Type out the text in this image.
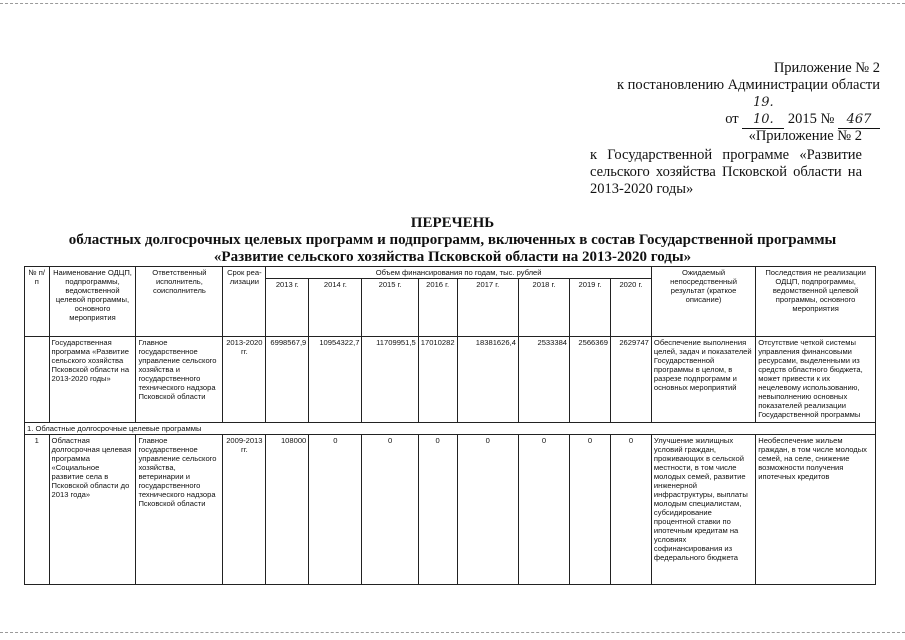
Приложение № 2
к постановлению Администрации области
от 19. 10. 2015 № 467
«Приложение № 2
к Государственной программе «Развитие сельского хозяйства Псковской области на 2013-2020 годы»
ПЕРЕЧЕНЬ
областных долгосрочных целевых программ и подпрограмм, включенных в состав Государственной программы
«Развитие сельского хозяйства Псковской области на 2013-2020 годы»
№ п/п	Наименование ОДЦП, подпрограммы, ведомственной целевой программы, основного мероприятия	Ответственный исполнитель, соисполнитель	Срок реа-лизации	Объем финансирования по годам, тыс. рублей								Ожидаемый непосредственный результат (краткое описание)	Последствия не реализации ОДЦП, подпрограммы, ведомственной целевой программы, основного мероприятия
				2013 г.	2014 г.	2015 г.	2016 г.	2017 г.	2018 г.	2019 г.	2020 г.		
	Государственная программа «Развитие сельского хозяйства Псковской области на 2013-2020 годы»	Главное государственное управление сельского хозяйства и государственного технического надзора Псковской области	2013-2020 гг.	6998567,9	10954322,7	11709951,5	17010282	18381626,4	2533384	2566369	2629747	Обеспечение выполнения целей, задач и показателей Государственной программы в целом, в разрезе подпрограмм и основных мероприятий	Отсутствие четкой системы управления финансовыми ресурсами, выделенными из средств областного бюджета, может привести к их нецелевому использованию, невыполнению основных показателей реализации Государственной программы
1. Областные долгосрочные целевые программы													
1	Областная долгосрочная целевая программа «Социальное развитие села в Псковской области до 2013 года»	Главное государственное управление сельского хозяйства, ветеринарии и государственного технического надзора Псковской области	2009-2013 гг.	108000	0	0	0	0	0	0	0	Улучшение жилищных условий граждан, проживающих в сельской местности, в том числе молодых семей, развитие инженерной инфраструктуры, выплаты молодым специалистам, субсидирование процентной ставки по ипотечным кредитам на условиях софинансирования из федерального бюджета	Необеспечение жильем граждан, в том числе молодых семей, на селе, снижение возможности получения ипотечных кредитов
